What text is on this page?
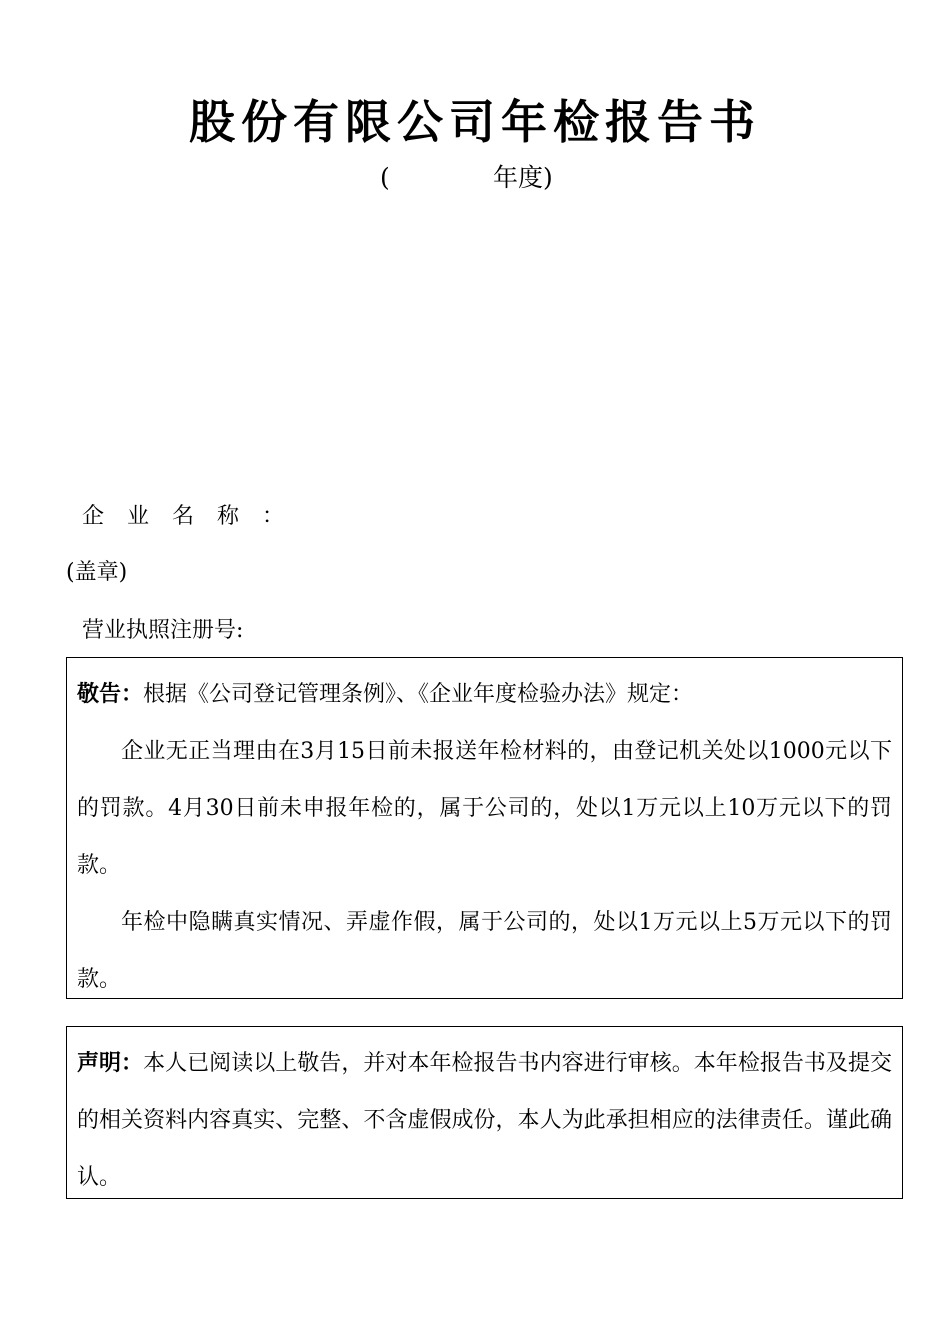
股份有限公司年检报告书
(	年度)
企业名称：
(盖章)
营业执照注册号:

敬告：根据《公司登记管理条例》、《企业年度检验办法》规定：

企业无正当理由在3月15日前未报送年检材料的，由登记机关处以1000元以下的罚款。4月30日前未申报年检的，属于公司的，处以1万元以上10万元以下的罚款。

年检中隐瞒真实情况、弄虚作假，属于公司的，处以1万元以上5万元以下的罚款。

声明：本人已阅读以上敬告，并对本年检报告书内容进行审核。本年检报告书及提交的相关资料内容真实、完整、不含虚假成份，本人为此承担相应的法律责任。谨此确认。
